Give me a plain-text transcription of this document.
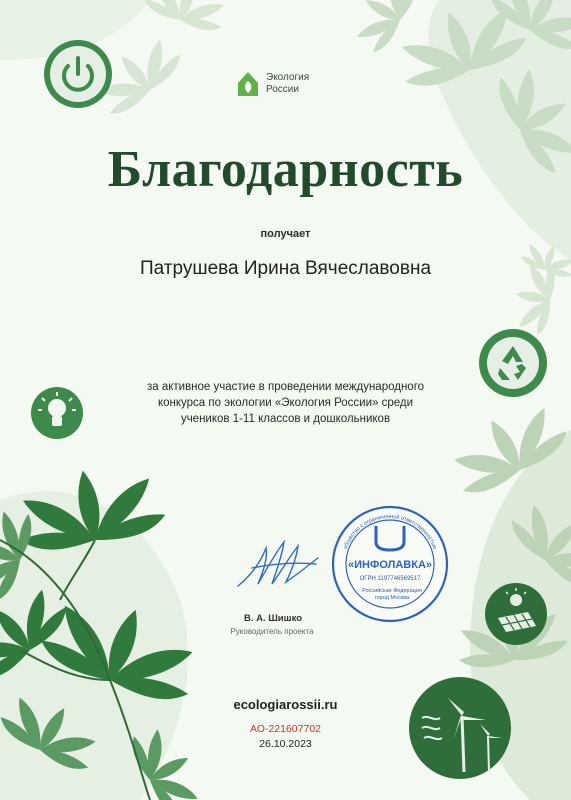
Экология
России
Благодарность
получает
Патрушева Ирина Вячеславовна
за активное участие в проведении международного
конкурса по экологии «Экология России» среди
учеников 1-11 классов и дошкольников
В. А. Шишко
Руководитель проекта
общество с ограниченной ответственностью
«ИНФОЛАВКА»
ОГРН 1197746569517
Российская Федерация
город Москва
ecologiarossii.ru
АО-221607702
26.10.2023
